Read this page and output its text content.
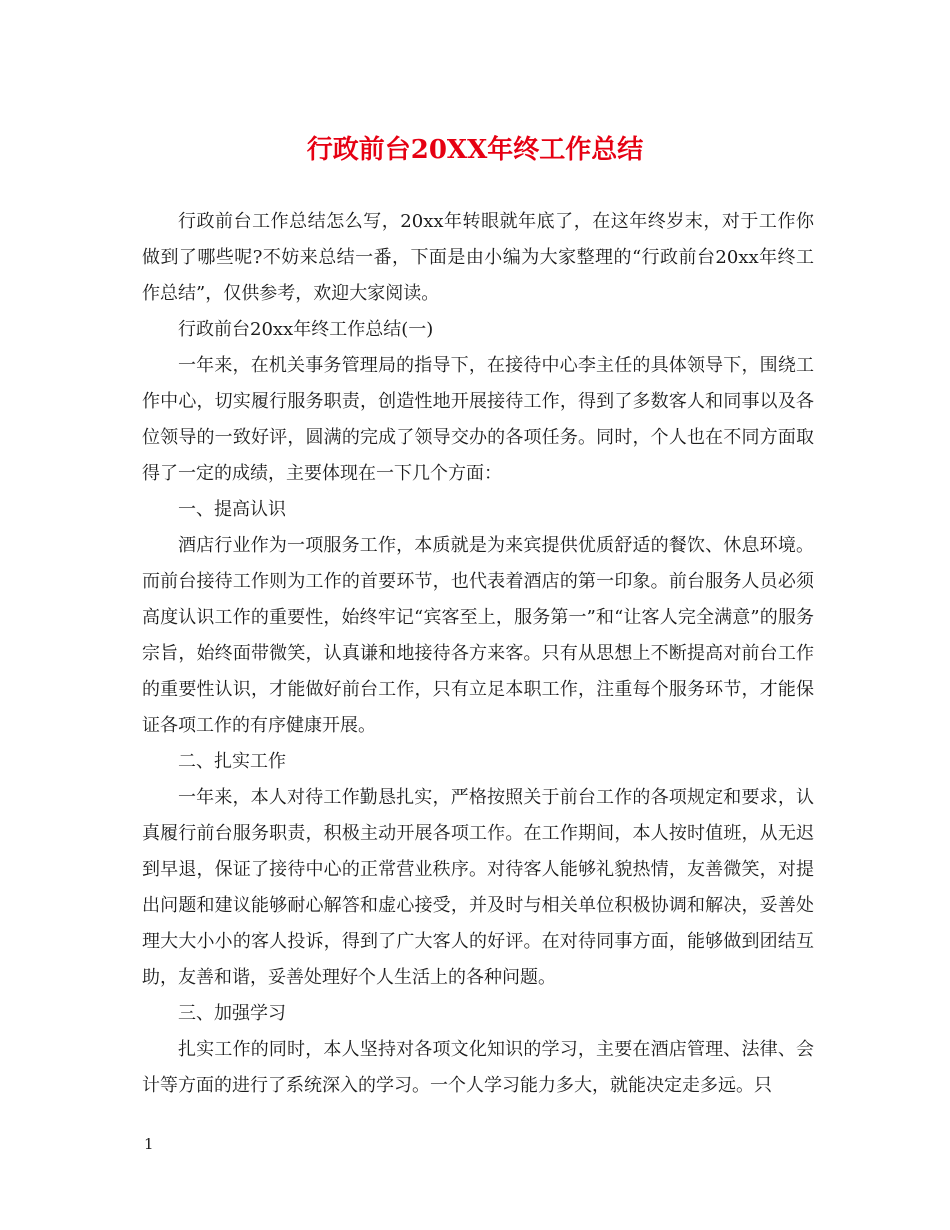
行政前台20XX年终工作总结

行政前台工作总结怎么写，20xx年转眼就年底了，在这年终岁末，对于工作你做到了哪些呢?不妨来总结一番，下面是由小编为大家整理的“行政前台20xx年终工作总结”，仅供参考，欢迎大家阅读。

行政前台20xx年终工作总结(一)

一年来，在机关事务管理局的指导下，在接待中心李主任的具体领导下，围绕工作中心，切实履行服务职责，创造性地开展接待工作，得到了多数客人和同事以及各位领导的一致好评，圆满的完成了领导交办的各项任务。同时，个人也在不同方面取得了一定的成绩，主要体现在一下几个方面：

一、提高认识

酒店行业作为一项服务工作，本质就是为来宾提供优质舒适的餐饮、休息环境。而前台接待工作则为工作的首要环节，也代表着酒店的第一印象。前台服务人员必须高度认识工作的重要性，始终牢记“宾客至上，服务第一”和“让客人完全满意”的服务宗旨，始终面带微笑，认真谦和地接待各方来客。只有从思想上不断提高对前台工作的重要性认识，才能做好前台工作，只有立足本职工作，注重每个服务环节，才能保证各项工作的有序健康开展。

二、扎实工作

一年来，本人对待工作勤恳扎实，严格按照关于前台工作的各项规定和要求，认真履行前台服务职责，积极主动开展各项工作。在工作期间，本人按时值班，从无迟到早退，保证了接待中心的正常营业秩序。对待客人能够礼貌热情，友善微笑，对提出问题和建议能够耐心解答和虚心接受，并及时与相关单位积极协调和解决，妥善处理大大小小的客人投诉，得到了广大客人的好评。在对待同事方面，能够做到团结互助，友善和谐，妥善处理好个人生活上的各种问题。

三、加强学习

扎实工作的同时，本人坚持对各项文化知识的学习，主要在酒店管理、法律、会计等方面的进行了系统深入的学习。一个人学习能力多大，就能决定走多远。只

1
